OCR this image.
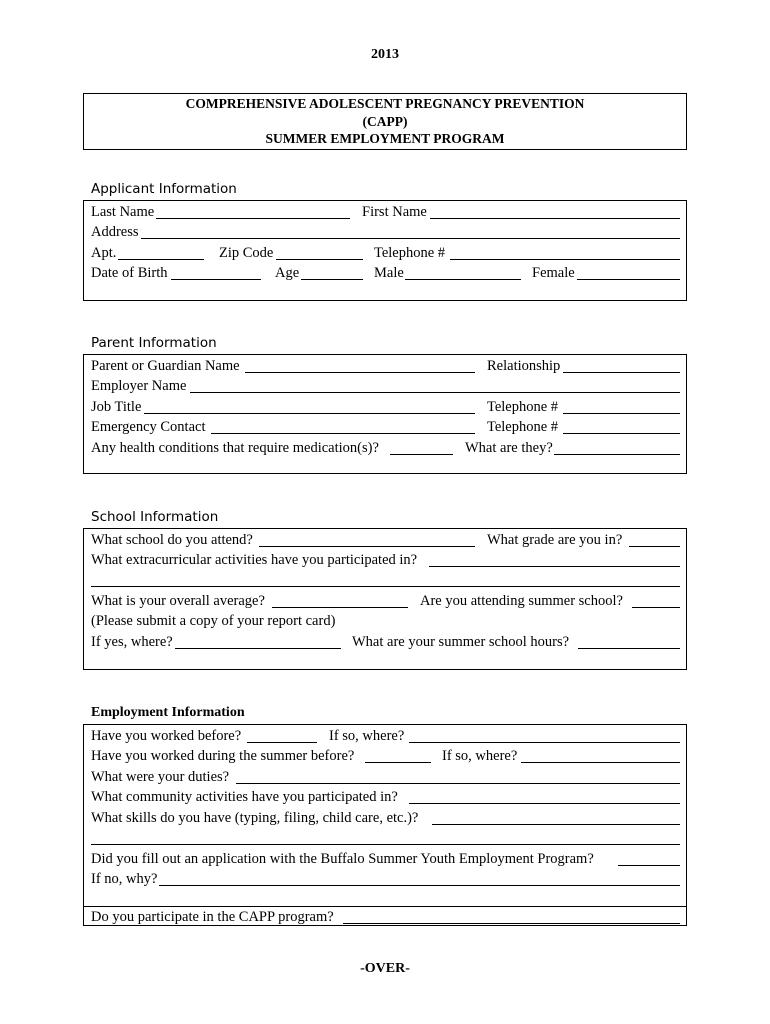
2013
COMPREHENSIVE ADOLESCENT PREGNANCY PREVENTION
(CAPP)
SUMMER EMPLOYMENT PROGRAM
Applicant Information
Last Name	First Name
Address
Apt.	Zip Code	Telephone #
Date of Birth	Age	Male	Female
Parent Information
Parent or Guardian Name	Relationship
Employer Name
Job Title	Telephone #
Emergency Contact	Telephone #
Any health conditions that require medication(s)?	What are they?
School Information
What school do you attend?	What grade are you in?
What extracurricular activities have you participated in?
What is your overall average?	Are you attending summer school?
(Please submit a copy of your report card)
If yes, where?	What are your summer school hours?
Employment Information
Have you worked before?	If so, where?
Have you worked during the summer before?	If so, where?
What were your duties?
What community activities have you participated in?
What skills do you have (typing, filing, child care, etc.)?
Did you fill out an application with the Buffalo Summer Youth Employment Program?
If no, why?
Do you participate in the CAPP program?
-OVER-
